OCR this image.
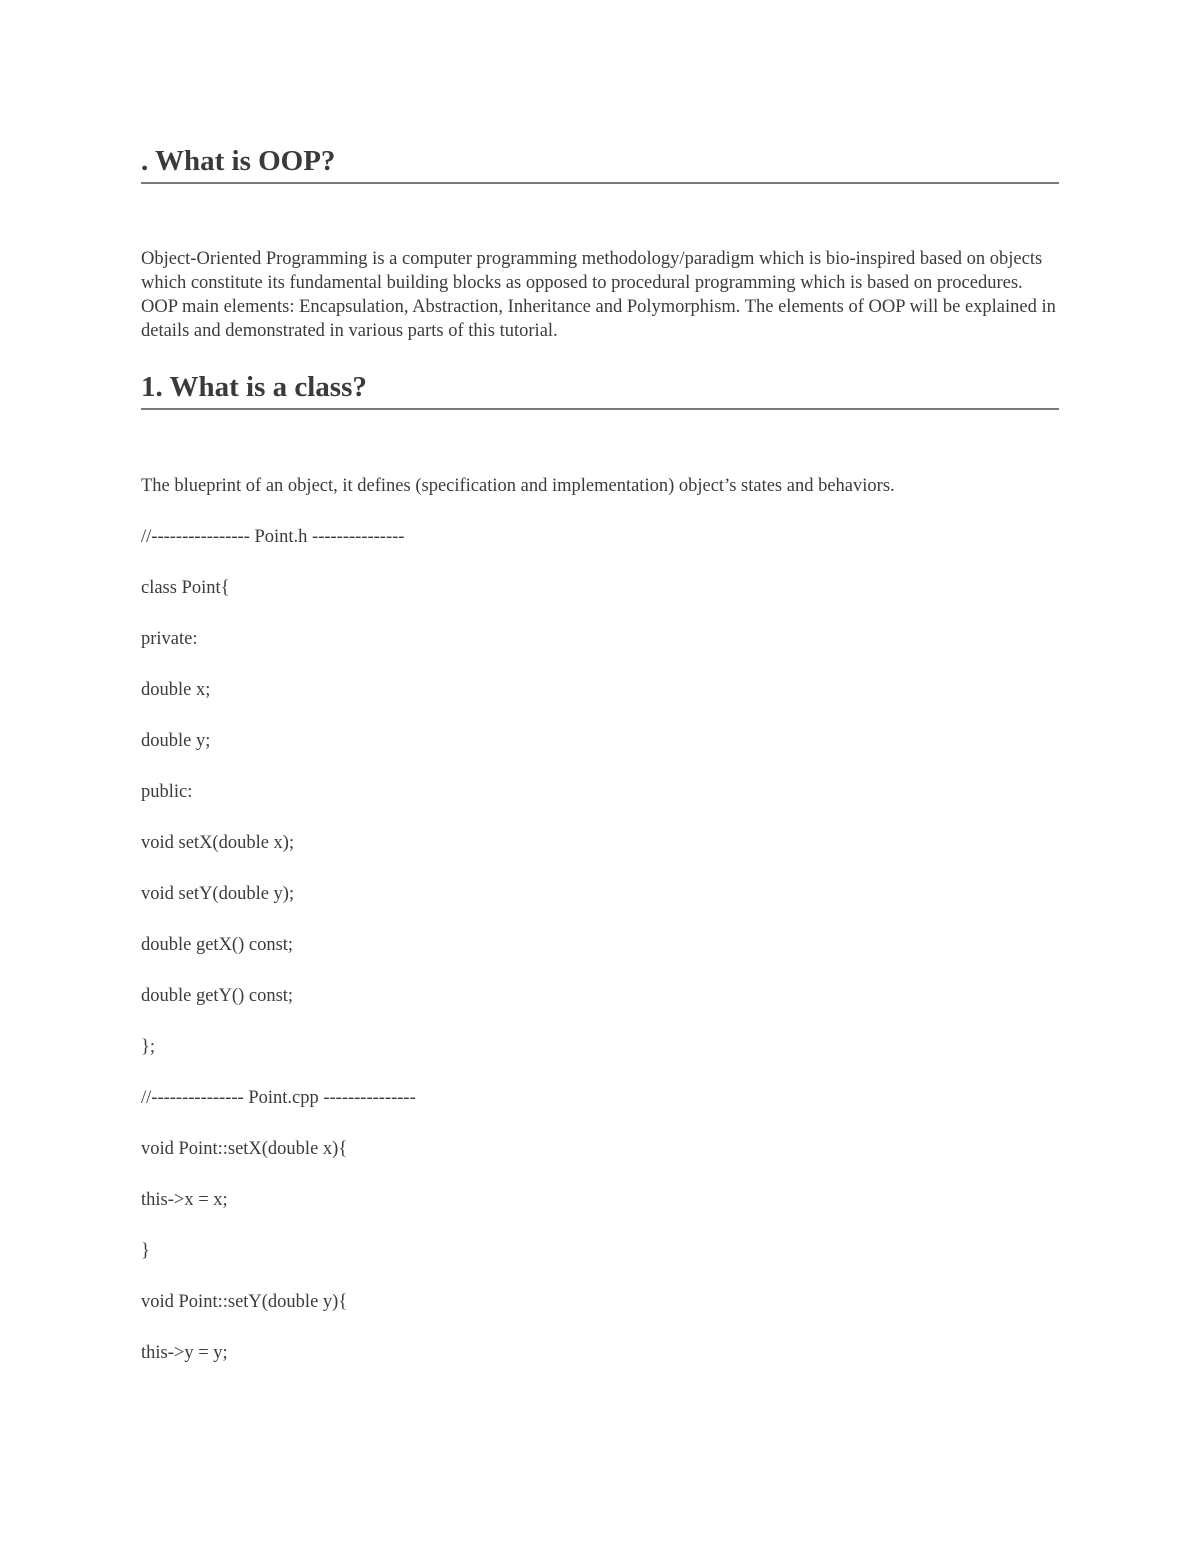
. What is OOP?

Object-Oriented Programming is a computer programming methodology/paradigm which is bio-inspired based on objects which constitute its fundamental building blocks as opposed to procedural programming which is based on procedures. OOP main elements: Encapsulation, Abstraction, Inheritance and Polymorphism. The elements of OOP will be explained in details and demonstrated in various parts of this tutorial.

1. What is a class?

The blueprint of an object, it defines (specification and implementation) object’s states and behaviors.

//---------------- Point.h ---------------

class Point{

private:

double x;

double y;

public:

void setX(double x);

void setY(double y);

double getX() const;

double getY() const;

};

//--------------- Point.cpp ---------------

void Point::setX(double x){

this->x = x;

}

void Point::setY(double y){

this->y = y;
